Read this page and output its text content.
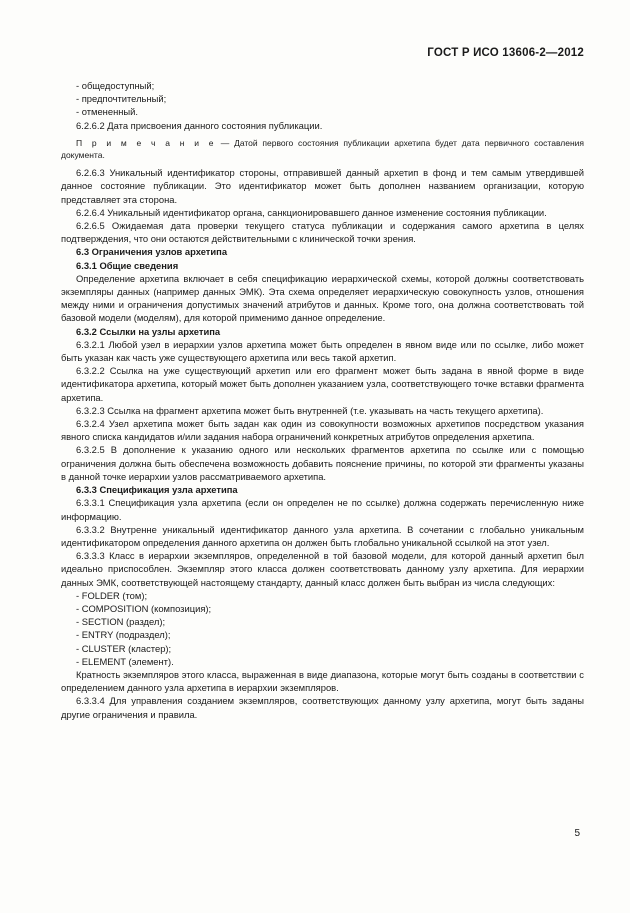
ГОСТ Р ИСО 13606-2—2012

- общедоступный;

- предпочтительный;

- отмененный.

6.2.6.2 Дата присвоения данного состояния публикации.

П р и м е ч а н и е — Датой первого состояния публикации архетипа будет дата первичного составления документа.

6.2.6.3 Уникальный идентификатор стороны, отправившей данный архетип в фонд и тем самым утвердившей данное состояние публикации. Это идентификатор может быть дополнен названием организации, которую представляет эта сторона.

6.2.6.4 Уникальный идентификатор органа, санкционировавшего данное изменение состояния публикации.

6.2.6.5 Ожидаемая дата проверки текущего статуса публикации и содержания самого архетипа в целях подтверждения, что они остаются действительными с клинической точки зрения.

6.3 Ограничения узлов архетипа

6.3.1 Общие сведения

Определение архетипа включает в себя спецификацию иерархической схемы, которой должны соответствовать экземпляры данных (например данных ЭМК). Эта схема определяет иерархическую совокупность узлов, отношения между ними и ограничения допустимых значений атрибутов и данных. Кроме того, она должна соответствовать той базовой модели (моделям), для которой применимо данное определение.

6.3.2 Ссылки на узлы архетипа

6.3.2.1 Любой узел в иерархии узлов архетипа может быть определен в явном виде или по ссылке, либо может быть указан как часть уже существующего архетипа или весь такой архетип.

6.3.2.2 Ссылка на уже существующий архетип или его фрагмент может быть задана в явной форме в виде идентификатора архетипа, который может быть дополнен указанием узла, соответствующего точке вставки фрагмента архетипа.

6.3.2.3 Ссылка на фрагмент архетипа может быть внутренней (т.е. указывать на часть текущего архетипа).

6.3.2.4 Узел архетипа может быть задан как один из совокупности возможных архетипов посредством указания явного списка кандидатов и/или задания набора ограничений конкретных атрибутов определения архетипа.

6.3.2.5 В дополнение к указанию одного или нескольких фрагментов архетипа по ссылке или с помощью ограничения должна быть обеспечена возможность добавить пояснение причины, по которой эти фрагменты указаны в данной точке иерархии узлов рассматриваемого архетипа.

6.3.3 Спецификация узла архетипа

6.3.3.1 Спецификация узла архетипа (если он определен не по ссылке) должна содержать перечисленную ниже информацию.

6.3.3.2 Внутренне уникальный идентификатор данного узла архетипа. В сочетании с глобально уникальным идентификатором определения данного архетипа он должен быть глобально уникальной ссылкой на этот узел.

6.3.3.3 Класс в иерархии экземпляров, определенной в той базовой модели, для которой данный архетип был идеально приспособлен. Экземпляр этого класса должен соответствовать данному узлу архетипа. Для иерархии данных ЭМК, соответствующей настоящему стандарту, данный класс должен быть выбран из числа следующих:

- FOLDER (том);

- COMPOSITION (композиция);

- SECTION (раздел);

- ENTRY (подраздел);

- CLUSTER (кластер);

- ELEMENT (элемент).

Кратность экземпляров этого класса, выраженная в виде диапазона, которые могут быть созданы в соответствии с определением данного узла архетипа в иерархии экземпляров.

6.3.3.4 Для управления созданием экземпляров, соответствующих данному узлу архетипа, могут быть заданы другие ограничения и правила.

5
